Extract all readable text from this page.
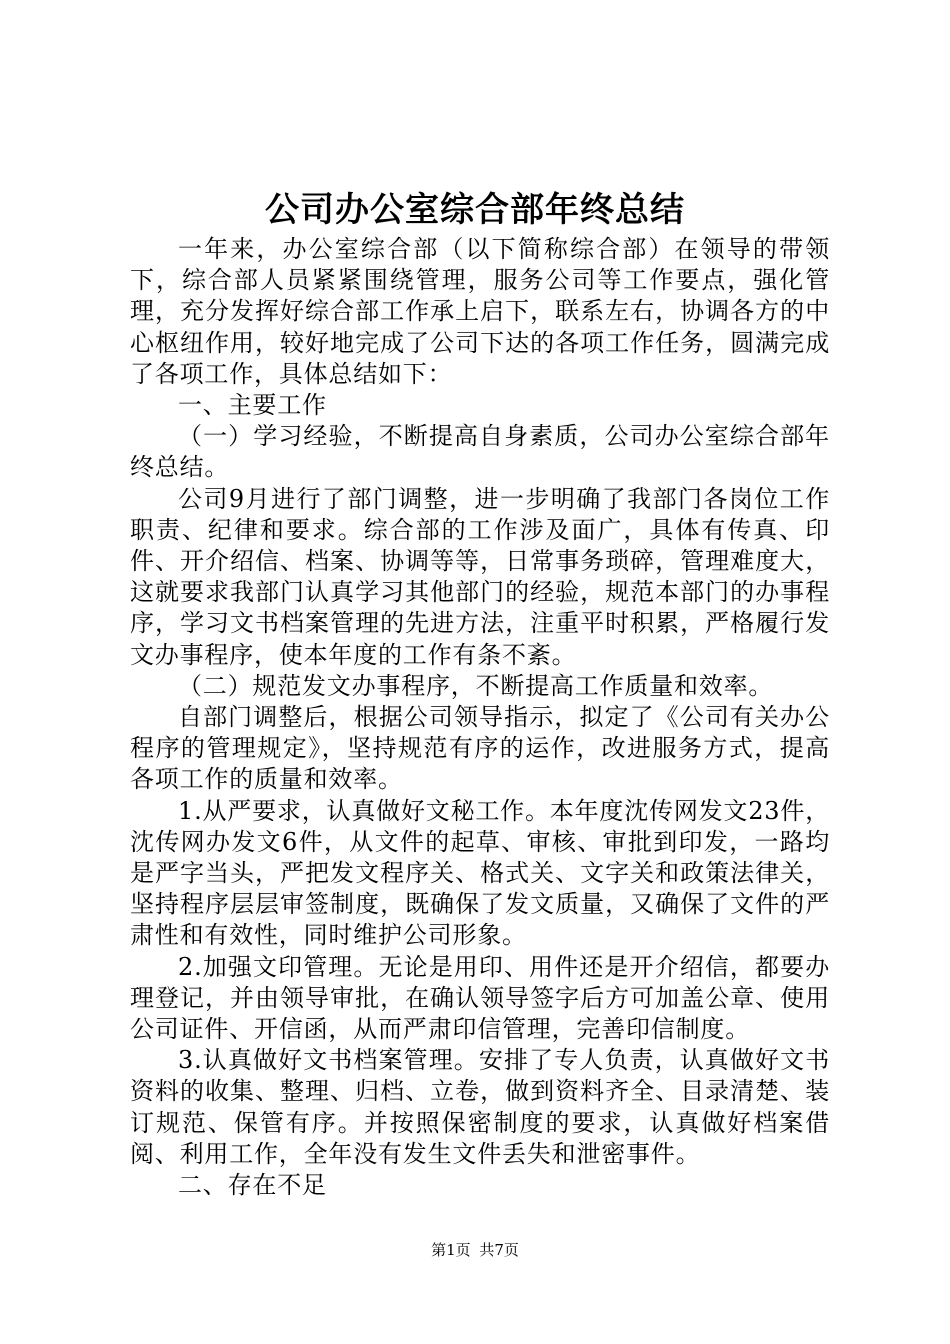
公司办公室综合部年终总结

一年来，办公室综合部（以下简称综合部）在领导的带领下，综合部人员紧紧围绕管理，服务公司等工作要点，强化管理，充分发挥好综合部工作承上启下，联系左右，协调各方的中心枢纽作用，较好地完成了公司下达的各项工作任务，圆满完成了各项工作，具体总结如下：

一、主要工作

（一）学习经验，不断提高自身素质，公司办公室综合部年终总结。

公司9月进行了部门调整，进一步明确了我部门各岗位工作职责、纪律和要求。综合部的工作涉及面广，具体有传真、印件、开介绍信、档案、协调等等，日常事务琐碎，管理难度大，这就要求我部门认真学习其他部门的经验，规范本部门的办事程序，学习文书档案管理的先进方法，注重平时积累，严格履行发文办事程序，使本年度的工作有条不紊。

（二）规范发文办事程序，不断提高工作质量和效率。

自部门调整后，根据公司领导指示，拟定了《公司有关办公程序的管理规定》，坚持规范有序的运作，改进服务方式，提高各项工作的质量和效率。

1.从严要求，认真做好文秘工作。本年度沈传网发文23件，沈传网办发文6件，从文件的起草、审核、审批到印发，一路均是严字当头，严把发文程序关、格式关、文字关和政策法律关，坚持程序层层审签制度，既确保了发文质量，又确保了文件的严肃性和有效性，同时维护公司形象。

2.加强文印管理。无论是用印、用件还是开介绍信，都要办理登记，并由领导审批，在确认领导签字后方可加盖公章、使用公司证件、开信函，从而严肃印信管理，完善印信制度。

3.认真做好文书档案管理。安排了专人负责，认真做好文书资料的收集、整理、归档、立卷，做到资料齐全、目录清楚、装订规范、保管有序。并按照保密制度的要求，认真做好档案借阅、利用工作，全年没有发生文件丢失和泄密事件。

二、存在不足

第1页 共7页
